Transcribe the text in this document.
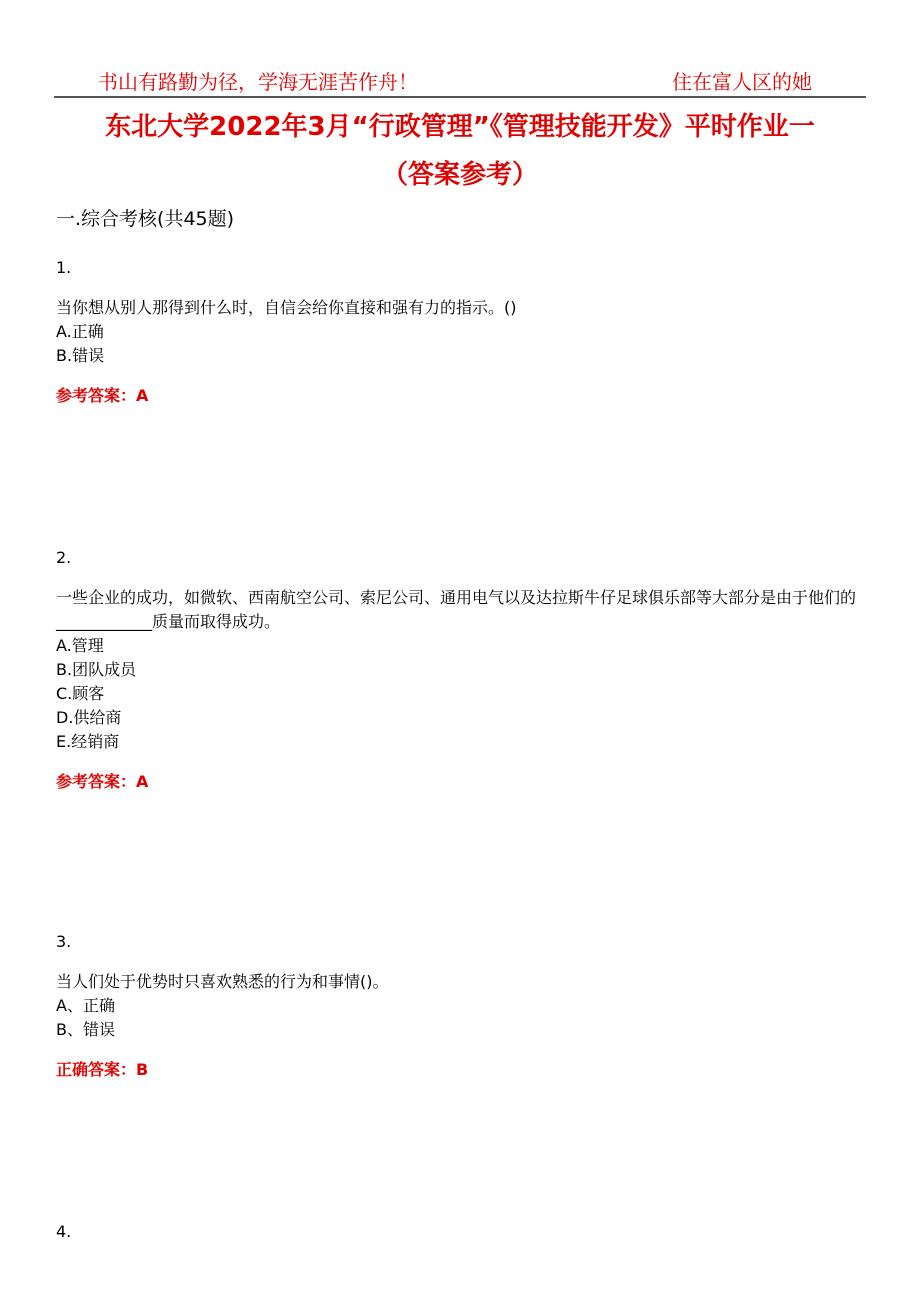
书山有路勤为径，学海无涯苦作舟！	住在富人区的她
东北大学2022年3月“行政管理”《管理技能开发》平时作业一
（答案参考）
一.综合考核(共45题)
1.
当你想从别人那得到什么时，自信会给你直接和强有力的指示。()
A.正确
B.错误
参考答案：A
2.
一些企业的成功，如微软、西南航空公司、索尼公司、通用电气以及达拉斯牛仔足球俱乐部等大部分是由于他们的____________质量而取得成功。
A.管理
B.团队成员
C.顾客
D.供给商
E.经销商
参考答案：A
3.
当人们处于优势时只喜欢熟悉的行为和事情()。
A、正确
B、错误
正确答案：B
4.
